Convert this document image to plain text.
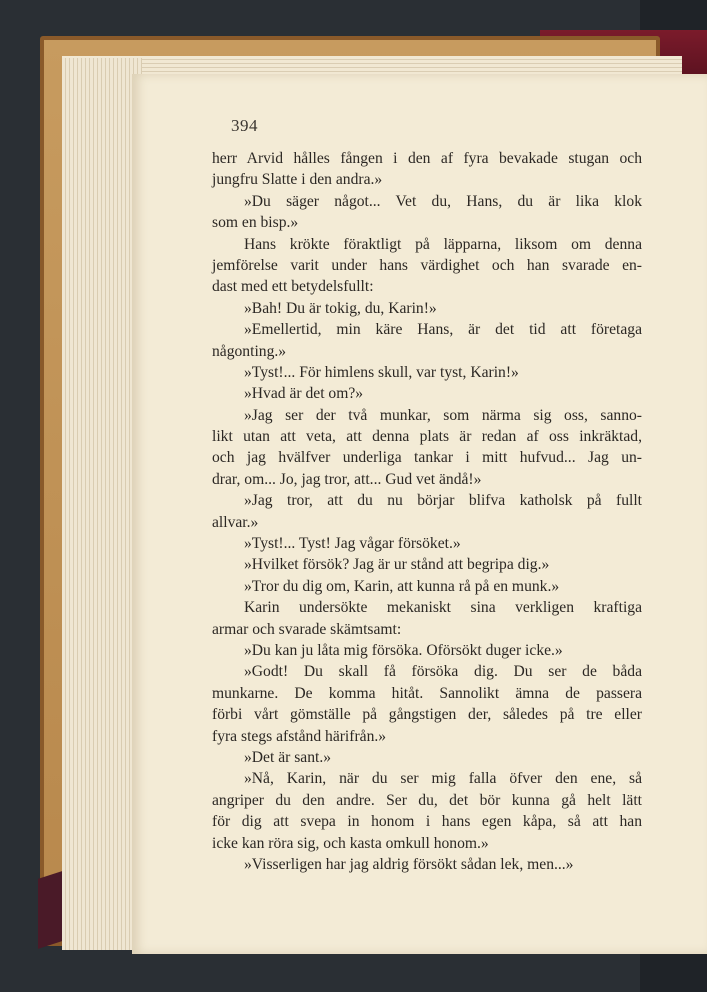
394
herr Arvid hålles fången i den af fyra bevakade stugan och
jungfru Slatte i den andra.»
»Du säger något... Vet du, Hans, du är lika klok
som en bisp.»
Hans krökte föraktligt på läpparna, liksom om denna
jemförelse varit under hans värdighet och han svarade en-
dast med ett betydelsfullt:
»Bah! Du är tokig, du, Karin!»
»Emellertid, min käre Hans, är det tid att företaga
någonting.»
»Tyst!... För himlens skull, var tyst, Karin!»
»Hvad är det om?»
»Jag ser der två munkar, som närma sig oss, sanno-
likt utan att veta, att denna plats är redan af oss inkräktad,
och jag hvälfver underliga tankar i mitt hufvud... Jag un-
drar, om... Jo, jag tror, att... Gud vet ändå!»
»Jag tror, att du nu börjar blifva katholsk på fullt
allvar.»
»Tyst!... Tyst! Jag vågar försöket.»
»Hvilket försök? Jag är ur stånd att begripa dig.»
»Tror du dig om, Karin, att kunna rå på en munk.»
Karin undersökte mekaniskt sina verkligen kraftiga
armar och svarade skämtsamt:
»Du kan ju låta mig försöka. Oförsökt duger icke.»
»Godt! Du skall få försöka dig. Du ser de båda
munkarne. De komma hitåt. Sannolikt ämna de passera
förbi vårt gömställe på gångstigen der, således på tre eller
fyra stegs afstånd härifrån.»
»Det är sant.»
»Nå, Karin, när du ser mig falla öfver den ene, så
angriper du den andre. Ser du, det bör kunna gå helt lätt
för dig att svepa in honom i hans egen kåpa, så att han
icke kan röra sig, och kasta omkull honom.»
»Visserligen har jag aldrig försökt sådan lek, men...»
